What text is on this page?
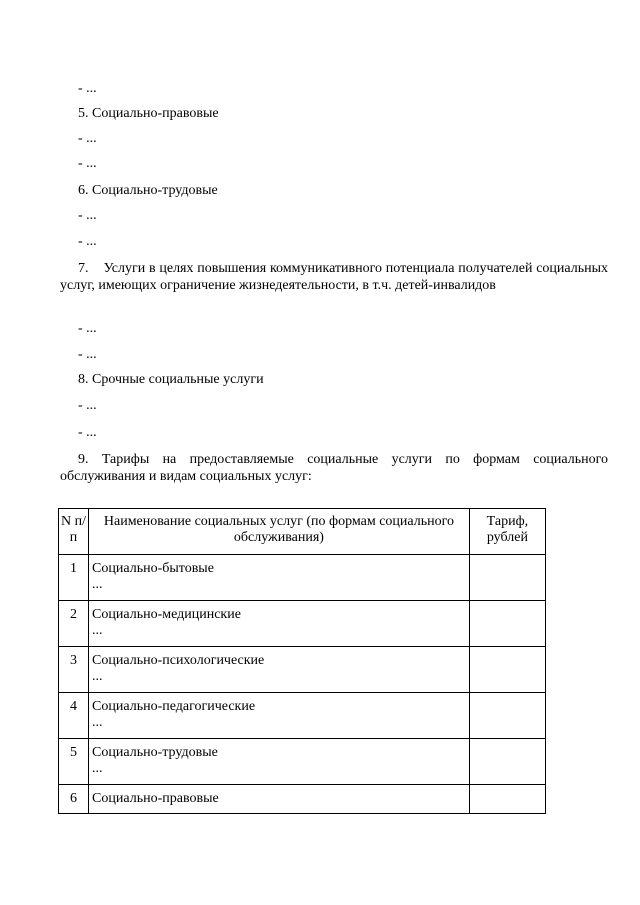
- ...
5. Социально-правовые
- ...
- ...
6. Социально-трудовые
- ...
- ...
7. Услуги в целях повышения коммуникативного потенциала получателей социальных услуг, имеющих ограничение жизнедеятельности, в т.ч. детей-инвалидов
- ...
- ...
8. Срочные социальные услуги
- ...
- ...
9. Тарифы на предоставляемые социальные услуги по формам социального обслуживания и видам социальных услуг:
N п/п	Наименование социальных услуг (по формам социального обслуживания)	Тариф, рублей
1	Социально-бытовые
...	

2	Социально-медицинские
...	

3	Социально-психологические
...	

4	Социально-педагогические
...	

5	Социально-трудовые
...	

6	Социально-правовые	
